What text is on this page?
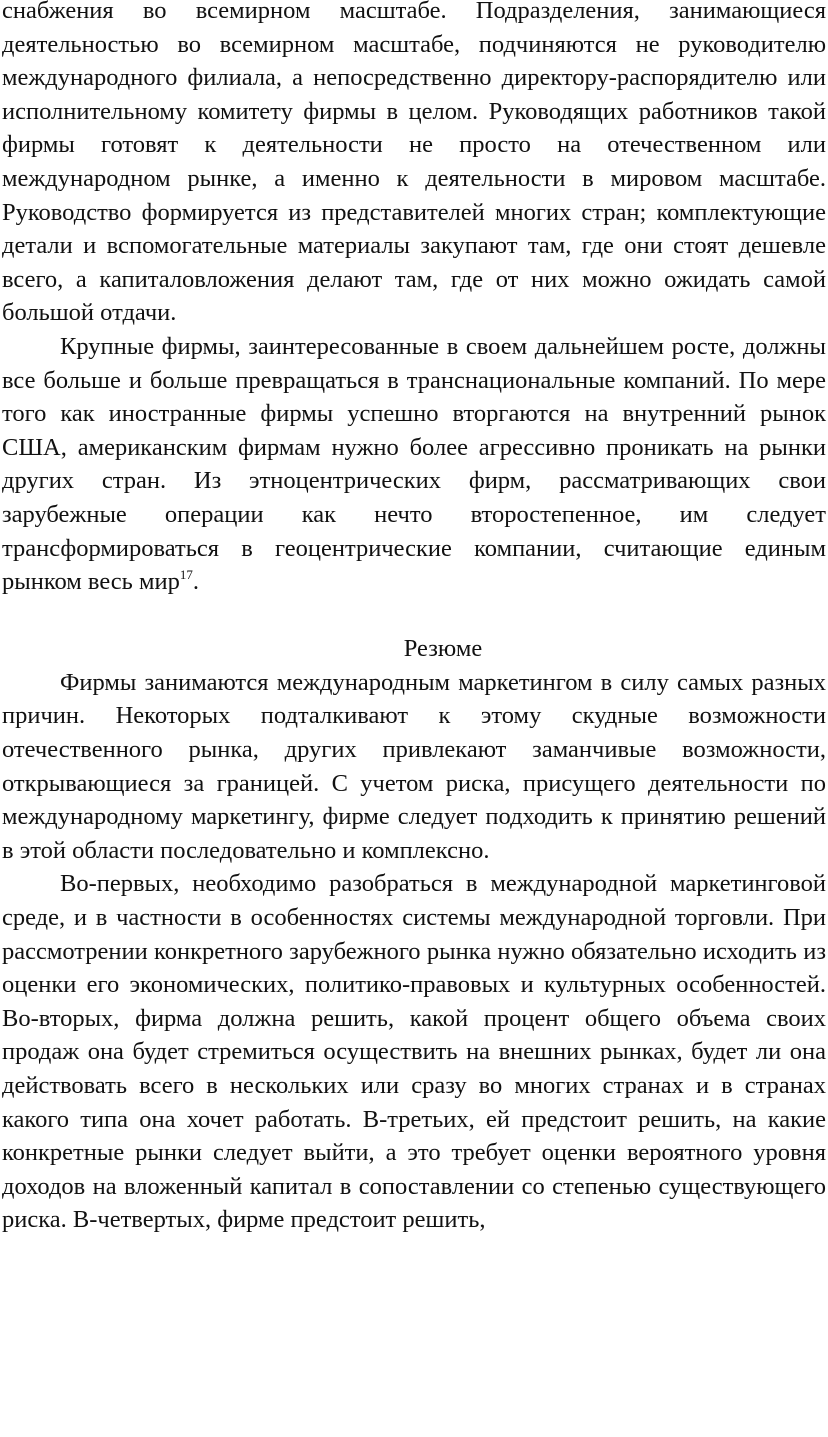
снабжения во всемирном масштабе. Подразделения, занимающиеся деятельностью во всемирном масштабе, подчиняются не руководителю международного филиала, а непосредственно директору-распорядителю или исполнительному комитету фирмы в целом. Руководящих работников такой фирмы готовят к деятельности не просто на отечественном или международном рынке, а именно к деятельности в мировом масштабе. Руководство формируется из представителей многих стран; комплектующие детали и вспомогательные материалы закупают там, где они стоят дешевле всего, а капиталовложения делают там, где от них можно ожидать самой большой отдачи.

Крупные фирмы, заинтересованные в своем дальнейшем росте, должны все больше и больше превращаться в транснациональные компаний. По мере того как иностранные фирмы успешно вторгаются на внутренний рынок США, американским фирмам нужно более агрессивно проникать на рынки других стран. Из этноцентрических фирм, рассматривающих свои зарубежные операции как нечто второстепенное, им следует трансформироваться в геоцентрические компании, считающие единым рынком весь мир$^{17}$.

Резюме

Фирмы занимаются международным маркетингом в силу самых разных причин. Некоторых подталкивают к этому скудные возможности отечественного рынка, других привлекают заманчивые возможности, открывающиеся за границей. С учетом риска, присущего деятельности по международному маркетингу, фирме следует подходить к принятию решений в этой области последовательно и комплексно.

Во-первых, необходимо разобраться в международной маркетинговой среде, и в частности в особенностях системы международной торговли. При рассмотрении конкретного зарубежного рынка нужно обязательно исходить из оценки его экономических, политико-правовых и культурных особенностей. Во-вторых, фирма должна решить, какой процент общего объема своих продаж она будет стремиться осуществить на внешних рынках, будет ли она действовать всего в нескольких или сразу во многих странах и в странах какого типа она хочет работать. В-третьих, ей предстоит решить, на какие конкретные рынки следует выйти, а это требует оценки вероятного уровня доходов на вложенный капитал в сопоставлении со степенью существующего риска. В-четвертых, фирме предстоит решить,
